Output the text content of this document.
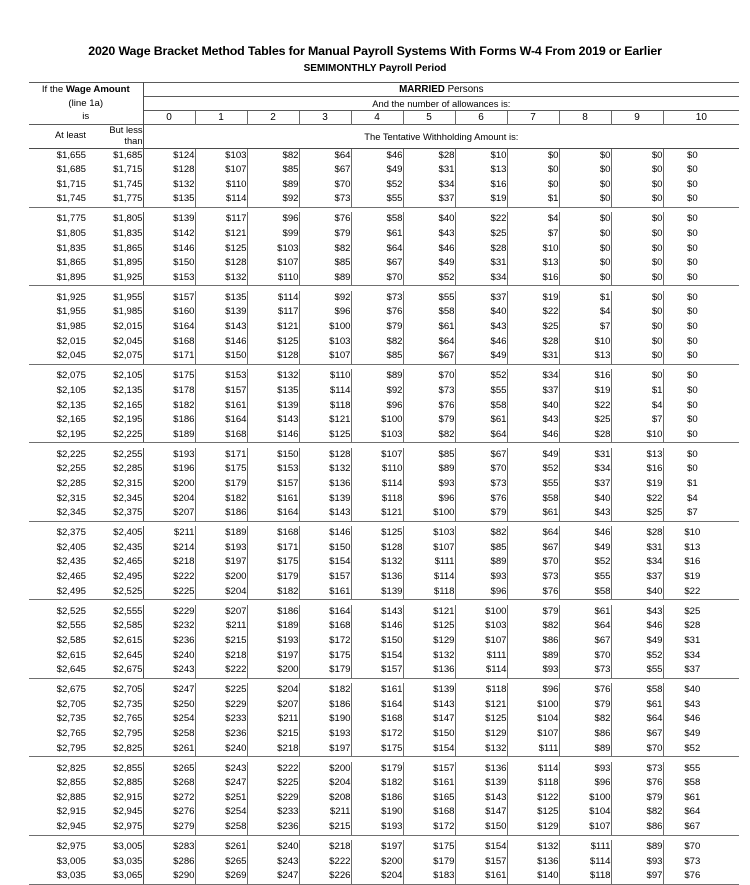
2020 Wage Bracket Method Tables for Manual Payroll Systems With Forms W-4 From 2019 or Earlier
SEMIMONTHLY Payroll Period
If the Wage Amount
(line 1a)
is		MARRIED Persons										
		And the number of allowances is:										
		0	1	2	3	4	5	6	7	8	9	10
At least	But less
than	The Tentative Withholding Amount is:										
$1,655	$1,685	$124	$103	$82	$64	$46	$28	$10	$0	$0	$0	$0
$1,685	$1,715	$128	$107	$85	$67	$49	$31	$13	$0	$0	$0	$0
$1,715	$1,745	$132	$110	$89	$70	$52	$34	$16	$0	$0	$0	$0
$1,745	$1,775	$135	$114	$92	$73	$55	$37	$19	$1	$0	$0	$0

$1,775	$1,805	$139	$117	$96	$76	$58	$40	$22	$4	$0	$0	$0
$1,805	$1,835	$142	$121	$99	$79	$61	$43	$25	$7	$0	$0	$0
$1,835	$1,865	$146	$125	$103	$82	$64	$46	$28	$10	$0	$0	$0
$1,865	$1,895	$150	$128	$107	$85	$67	$49	$31	$13	$0	$0	$0
$1,895	$1,925	$153	$132	$110	$89	$70	$52	$34	$16	$0	$0	$0

$1,925	$1,955	$157	$135	$114	$92	$73	$55	$37	$19	$1	$0	$0
$1,955	$1,985	$160	$139	$117	$96	$76	$58	$40	$22	$4	$0	$0
$1,985	$2,015	$164	$143	$121	$100	$79	$61	$43	$25	$7	$0	$0
$2,015	$2,045	$168	$146	$125	$103	$82	$64	$46	$28	$10	$0	$0
$2,045	$2,075	$171	$150	$128	$107	$85	$67	$49	$31	$13	$0	$0

$2,075	$2,105	$175	$153	$132	$110	$89	$70	$52	$34	$16	$0	$0
$2,105	$2,135	$178	$157	$135	$114	$92	$73	$55	$37	$19	$1	$0
$2,135	$2,165	$182	$161	$139	$118	$96	$76	$58	$40	$22	$4	$0
$2,165	$2,195	$186	$164	$143	$121	$100	$79	$61	$43	$25	$7	$0
$2,195	$2,225	$189	$168	$146	$125	$103	$82	$64	$46	$28	$10	$0

$2,225	$2,255	$193	$171	$150	$128	$107	$85	$67	$49	$31	$13	$0
$2,255	$2,285	$196	$175	$153	$132	$110	$89	$70	$52	$34	$16	$0
$2,285	$2,315	$200	$179	$157	$136	$114	$93	$73	$55	$37	$19	$1
$2,315	$2,345	$204	$182	$161	$139	$118	$96	$76	$58	$40	$22	$4
$2,345	$2,375	$207	$186	$164	$143	$121	$100	$79	$61	$43	$25	$7

$2,375	$2,405	$211	$189	$168	$146	$125	$103	$82	$64	$46	$28	$10
$2,405	$2,435	$214	$193	$171	$150	$128	$107	$85	$67	$49	$31	$13
$2,435	$2,465	$218	$197	$175	$154	$132	$111	$89	$70	$52	$34	$16
$2,465	$2,495	$222	$200	$179	$157	$136	$114	$93	$73	$55	$37	$19
$2,495	$2,525	$225	$204	$182	$161	$139	$118	$96	$76	$58	$40	$22

$2,525	$2,555	$229	$207	$186	$164	$143	$121	$100	$79	$61	$43	$25
$2,555	$2,585	$232	$211	$189	$168	$146	$125	$103	$82	$64	$46	$28
$2,585	$2,615	$236	$215	$193	$172	$150	$129	$107	$86	$67	$49	$31
$2,615	$2,645	$240	$218	$197	$175	$154	$132	$111	$89	$70	$52	$34
$2,645	$2,675	$243	$222	$200	$179	$157	$136	$114	$93	$73	$55	$37

$2,675	$2,705	$247	$225	$204	$182	$161	$139	$118	$96	$76	$58	$40
$2,705	$2,735	$250	$229	$207	$186	$164	$143	$121	$100	$79	$61	$43
$2,735	$2,765	$254	$233	$211	$190	$168	$147	$125	$104	$82	$64	$46
$2,765	$2,795	$258	$236	$215	$193	$172	$150	$129	$107	$86	$67	$49
$2,795	$2,825	$261	$240	$218	$197	$175	$154	$132	$111	$89	$70	$52

$2,825	$2,855	$265	$243	$222	$200	$179	$157	$136	$114	$93	$73	$55
$2,855	$2,885	$268	$247	$225	$204	$182	$161	$139	$118	$96	$76	$58
$2,885	$2,915	$272	$251	$229	$208	$186	$165	$143	$122	$100	$79	$61
$2,915	$2,945	$276	$254	$233	$211	$190	$168	$147	$125	$104	$82	$64
$2,945	$2,975	$279	$258	$236	$215	$193	$172	$150	$129	$107	$86	$67

$2,975	$3,005	$283	$261	$240	$218	$197	$175	$154	$132	$111	$89	$70
$3,005	$3,035	$286	$265	$243	$222	$200	$179	$157	$136	$114	$93	$73
$3,035	$3,065	$290	$269	$247	$226	$204	$183	$161	$140	$118	$97	$76
